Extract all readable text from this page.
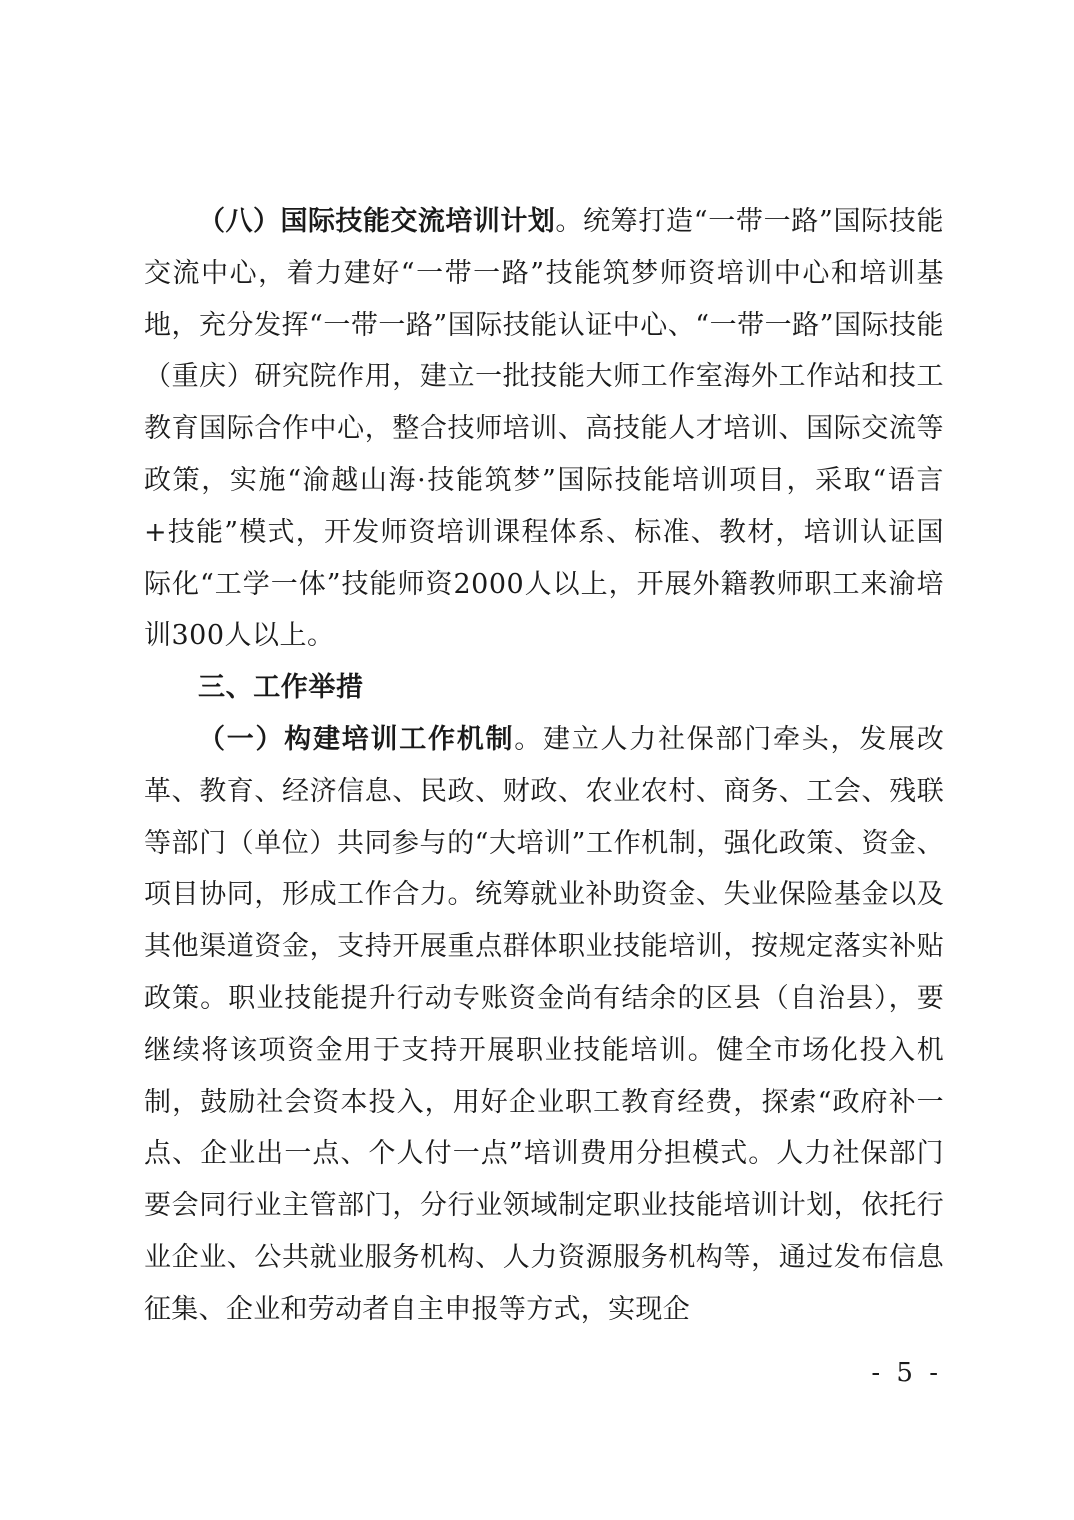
（八）国际技能交流培训计划。统筹打造“一带一路”国际技能交流中心，着力建好“一带一路”技能筑梦师资培训中心和培训基地，充分发挥“一带一路”国际技能认证中心、“一带一路”国际技能（重庆）研究院作用，建立一批技能大师工作室海外工作站和技工教育国际合作中心，整合技师培训、高技能人才培训、国际交流等政策，实施“渝越山海·技能筑梦”国际技能培训项目，采取“语言+技能”模式，开发师资培训课程体系、标准、教材，培训认证国际化“工学一体”技能师资2000人以上，开展外籍教师职工来渝培训300人以上。

三、工作举措

（一）构建培训工作机制。建立人力社保部门牵头，发展改革、教育、经济信息、民政、财政、农业农村、商务、工会、残联等部门（单位）共同参与的“大培训”工作机制，强化政策、资金、项目协同，形成工作合力。统筹就业补助资金、失业保险基金以及其他渠道资金，支持开展重点群体职业技能培训，按规定落实补贴政策。职业技能提升行动专账资金尚有结余的区县（自治县），要继续将该项资金用于支持开展职业技能培训。健全市场化投入机制，鼓励社会资本投入，用好企业职工教育经费，探索“政府补一点、企业出一点、个人付一点”培训费用分担模式。人力社保部门要会同行业主管部门，分行业领域制定职业技能培训计划，依托行业企业、公共就业服务机构、人力资源服务机构等，通过发布信息征集、企业和劳动者自主申报等方式，实现企

- 5 -
